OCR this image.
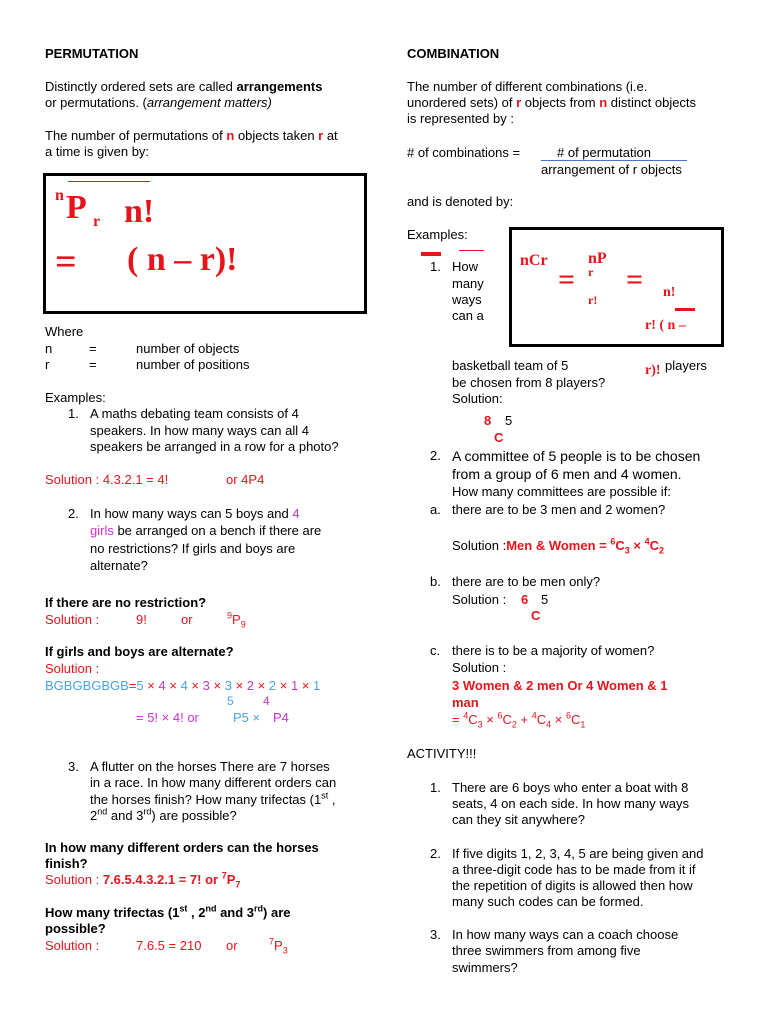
PERMUTATION
Distinctly ordered sets are called arrangements
or permutations. (arrangement matters)
The number of permutations of n objects taken r at
a time is given by:
n P r n!
= ( n – r)!
Where
n	=	number of objects
r	=	number of positions
Examples:
1. A maths debating team consists of 4
speakers. In how many ways can all 4
speakers be arranged in a row for a photo?
Solution : 4.3.2.1 = 4!	or 4P4
2. In how many ways can 5 boys and 4
girls be arranged on a bench if there are
no restrictions? If girls and boys are
alternate?
If there are no restriction?
Solution :	9!	or	$^9P_9$
If girls and boys are alternate?
Solution :
BGBGBGBGB=5 × 4 × 4 × 3 × 3 × 2 × 2 × 1 × 1
5 4
= 5! × 4! or	P5 × P4
3. A flutter on the horses There are 7 horses
in a race. In how many different orders can
the horses finish? How many trifectas (1st ,
2nd and 3rd) are possible?
In how many different orders can the horses
finish?
Solution : 7.6.5.4.3.2.1 = 7! or $^7P_7$
How many trifectas (1st , 2nd and 3rd) are
possible?
Solution :	7.6.5 = 210 or	$^7P_3$
COMBINATION
The number of different combinations (i.e.
unordered sets) of r objects from n distinct objects
is represented by :
# of combinations =	# of permutation
arrangement of r objects
and is denoted by:
Examples:
nCr
=
nP
r
r!
= n!
r! ( n –
r)!
1. How
many
ways
can a
basketball team of 5	players
be chosen from 8 players?
Solution:
8 5
C
2. A committee of 5 people is to be chosen
from a group of 6 men and 4 women.
How many committees are possible if:
a. there are to be 3 men and 2 women?
Solution :Men & Women = $^6C_3 \times ^4C_2$
b. there are to be men only?
Solution : 6 5
C
c. there is to be a majority of women?
Solution :
3 Women & 2 men Or 4 Women & 1
man
= $^4C_3 \times ^6C_2 + ^4C_4 \times ^6C_1$
ACTIVITY!!!
1. There are 6 boys who enter a boat with 8
seats, 4 on each side. In how many ways
can they sit anywhere?
2. If five digits 1, 2, 3, 4, 5 are being given and
a three-digit code has to be made from it if
the repetition of digits is allowed then how
many such codes can be formed.
3. In how many ways can a coach choose
three swimmers from among five
swimmers?
